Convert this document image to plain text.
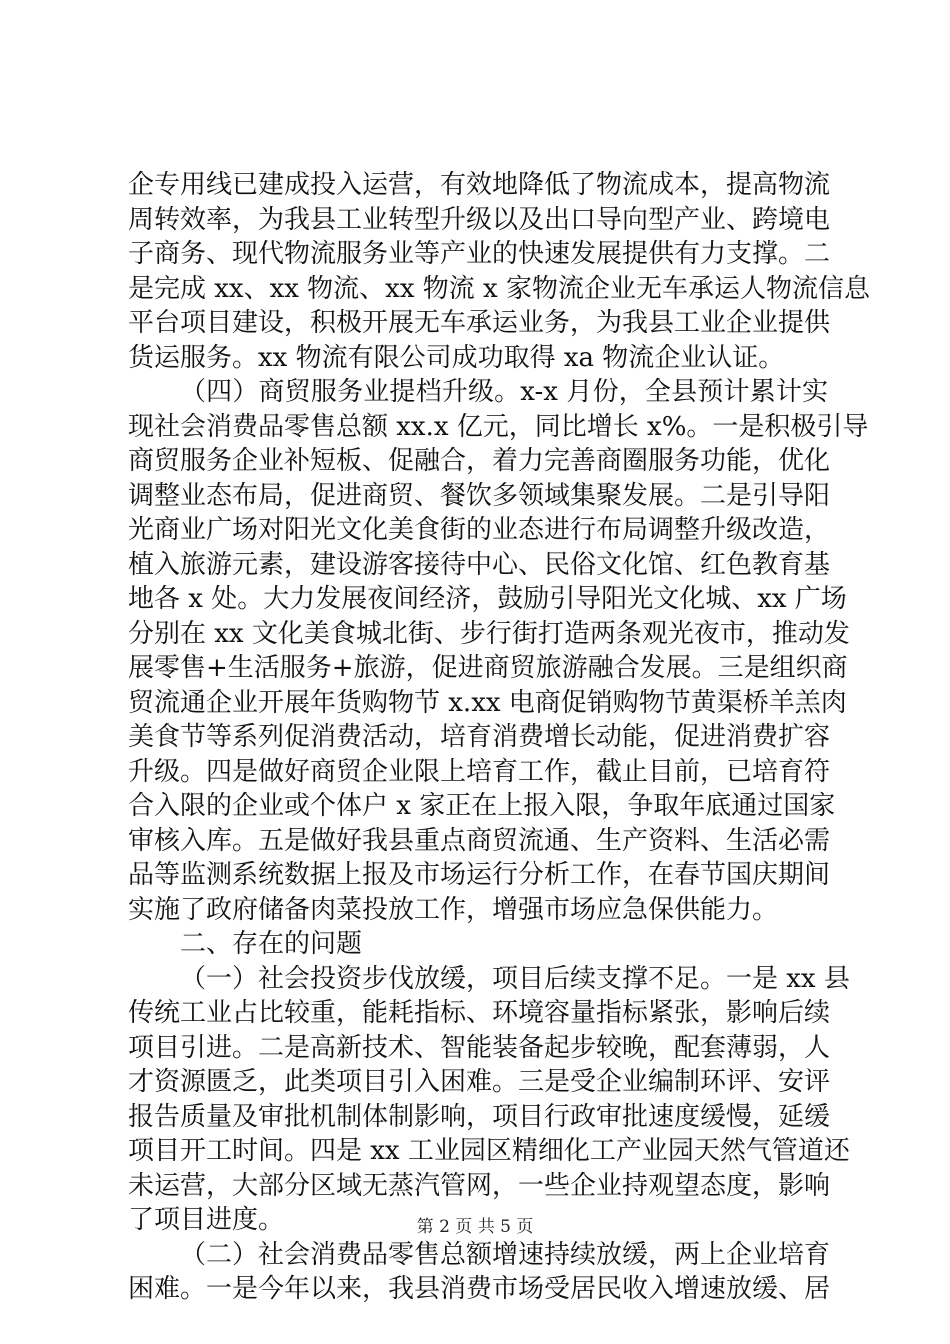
企专用线已建成投入运营，有效地降低了物流成本，提高物流
周转效率，为我县工业转型升级以及出口导向型产业、跨境电
子商务、现代物流服务业等产业的快速发展提供有力支撑。二
是完成 xx、xx 物流、xx 物流 x 家物流企业无车承运人物流信息
平台项目建设，积极开展无车承运业务，为我县工业企业提供
货运服务。xx 物流有限公司成功取得 xa 物流企业认证。
（四）商贸服务业提档升级。x-x 月份，全县预计累计实
现社会消费品零售总额 xx.x 亿元，同比增长 x%。一是积极引导
商贸服务企业补短板、促融合，着力完善商圈服务功能，优化
调整业态布局，促进商贸、餐饮多领域集聚发展。二是引导阳
光商业广场对阳光文化美食街的业态进行布局调整升级改造，
植入旅游元素，建设游客接待中心、民俗文化馆、红色教育基
地各 x 处。大力发展夜间经济，鼓励引导阳光文化城、xx 广场
分别在 xx 文化美食城北街、步行街打造两条观光夜市，推动发
展零售+生活服务+旅游，促进商贸旅游融合发展。三是组织商
贸流通企业开展年货购物节 x.xx 电商促销购物节黄渠桥羊羔肉
美食节等系列促消费活动，培育消费增长动能，促进消费扩容
升级。四是做好商贸企业限上培育工作，截止目前，已培育符
合入限的企业或个体户 x 家正在上报入限，争取年底通过国家
审核入库。五是做好我县重点商贸流通、生产资料、生活必需
品等监测系统数据上报及市场运行分析工作，在春节国庆期间
实施了政府储备肉菜投放工作，增强市场应急保供能力。
二、存在的问题
（一）社会投资步伐放缓，项目后续支撑不足。一是 xx 县
传统工业占比较重，能耗指标、环境容量指标紧张，影响后续
项目引进。二是高新技术、智能装备起步较晚，配套薄弱，人
才资源匮乏，此类项目引入困难。三是受企业编制环评、安评
报告质量及审批机制体制影响，项目行政审批速度缓慢，延缓
项目开工时间。四是 xx 工业园区精细化工产业园天然气管道还
未运营，大部分区域无蒸汽管网，一些企业持观望态度，影响
了项目进度。
（二）社会消费品零售总额增速持续放缓，两上企业培育
困难。一是今年以来，我县消费市场受居民收入增速放缓、居
第 2 页 共 5 页
